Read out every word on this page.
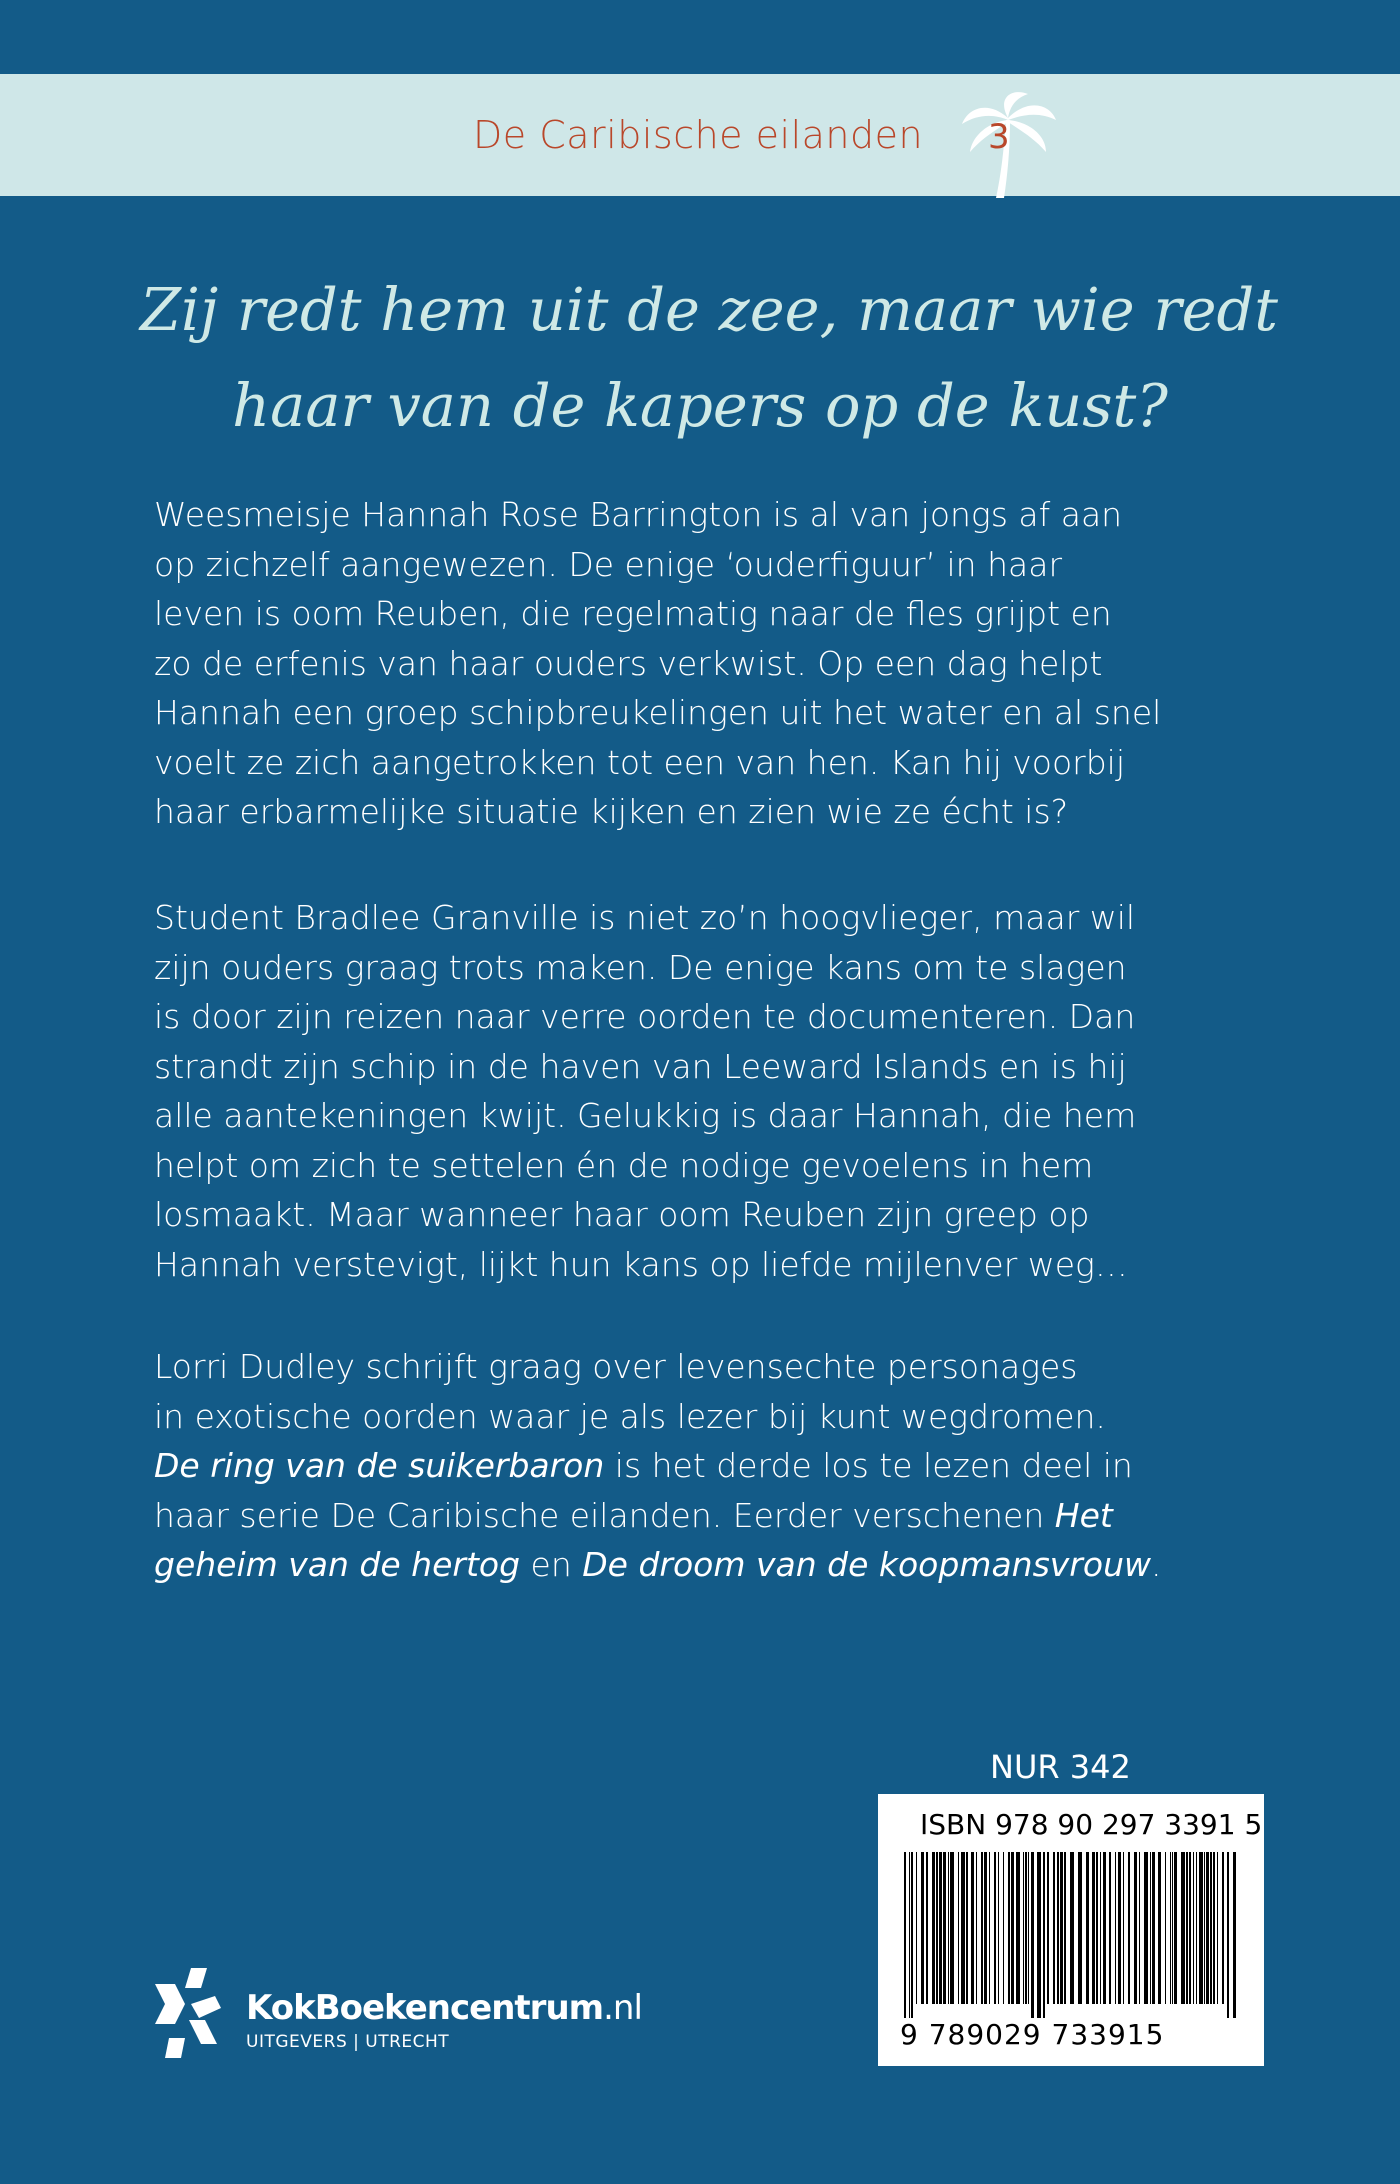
De Caribische eilanden 3
Zij redt hem uit de zee, maar wie redt
haar van de kapers op de kust?
Weesmeisje Hannah Rose Barrington is al van jongs af aan
op zichzelf aangewezen. De enige ‘ouderfiguur’ in haar
leven is oom Reuben, die regelmatig naar de fles grijpt en
zo de erfenis van haar ouders verkwist. Op een dag helpt
Hannah een groep schipbreukelingen uit het water en al snel
voelt ze zich aangetrokken tot een van hen. Kan hij voorbij
haar erbarmelijke situatie kijken en zien wie ze écht is?
Student Bradlee Granville is niet zo’n hoogvlieger, maar wil
zijn ouders graag trots maken. De enige kans om te slagen
is door zijn reizen naar verre oorden te documenteren. Dan
strandt zijn schip in de haven van Leeward Islands en is hij
alle aantekeningen kwijt. Gelukkig is daar Hannah, die hem
helpt om zich te settelen én de nodige gevoelens in hem
losmaakt. Maar wanneer haar oom Reuben zijn greep op
Hannah verstevigt, lijkt hun kans op liefde mijlenver weg…
Lorri Dudley schrijft graag over levensechte personages
in exotische oorden waar je als lezer bij kunt wegdromen.
De ring van de suikerbaron is het derde los te lezen deel in
haar serie De Caribische eilanden. Eerder verschenen Het
geheim van de hertog en De droom van de koopmansvrouw.
NUR 342
ISBN 978 90 297 3391 5
9 789029 733915
KokBoekencentrum.nl
UITGEVERS | UTRECHT
